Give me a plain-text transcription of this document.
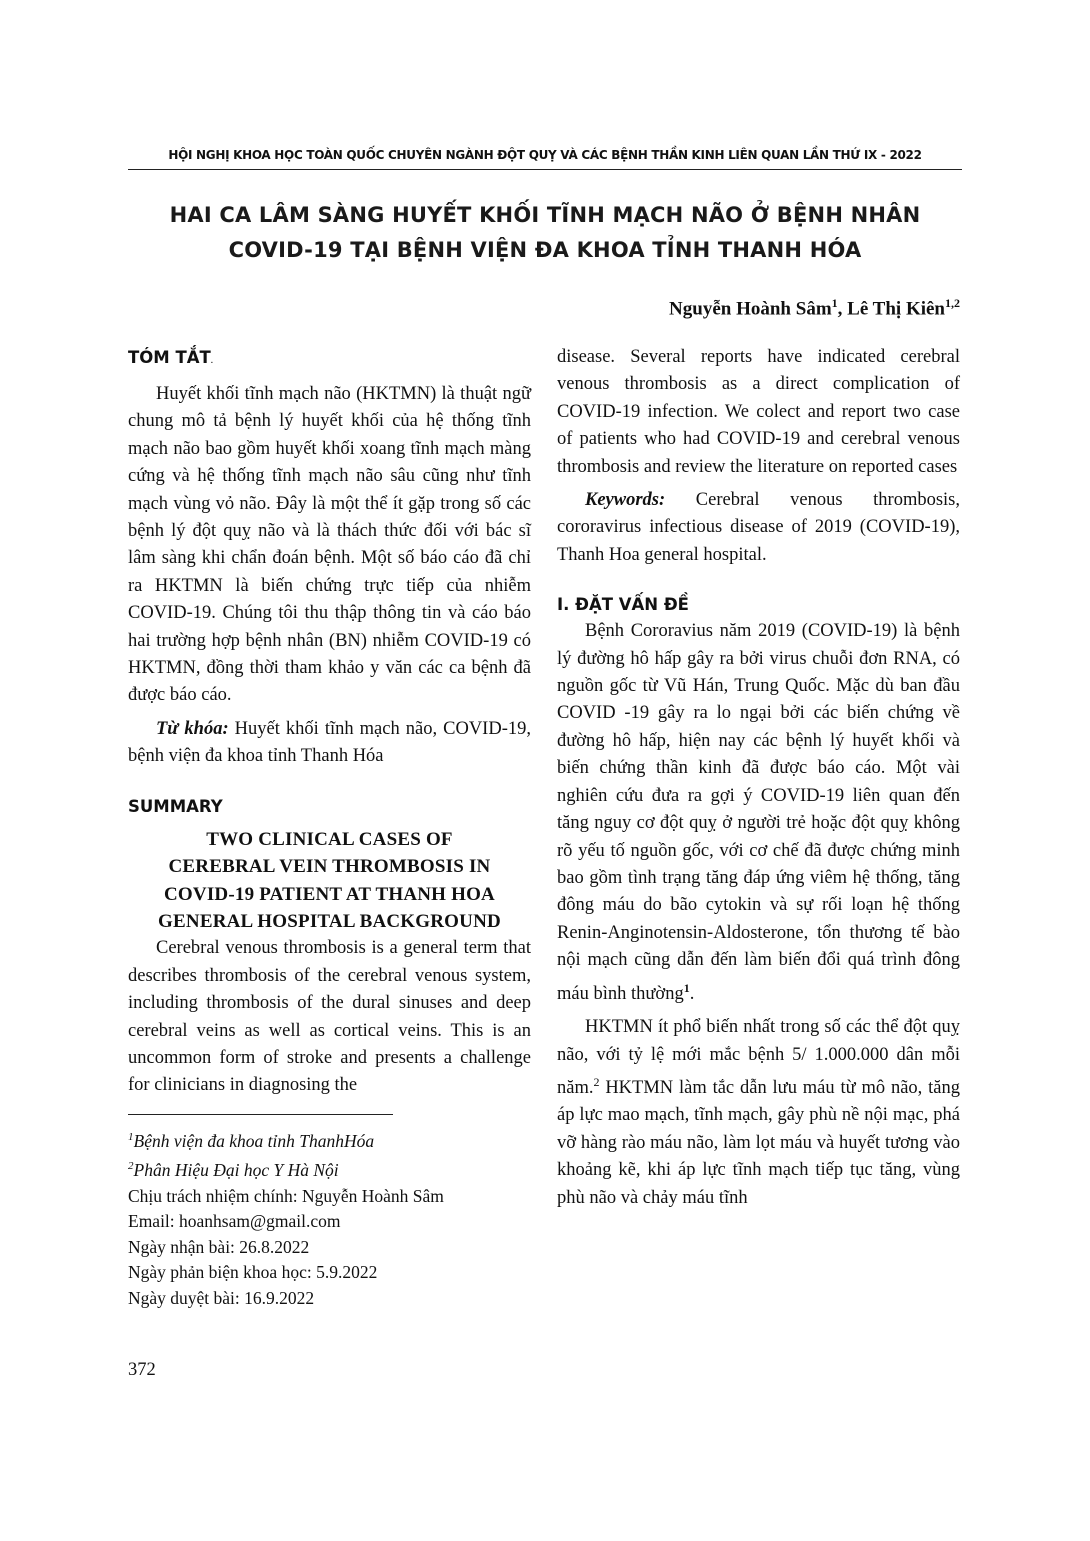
HỘI NGHỊ KHOA HỌC TOÀN QUỐC CHUYÊN NGÀNH ĐỘT QUỴ VÀ CÁC BỆNH THẦN KINH LIÊN QUAN LẦN THỨ IX - 2022
HAI CA LÂM SÀNG HUYẾT KHỐI TĨNH MẠCH NÃO Ở BỆNH NHÂN
COVID-19 TẠI BỆNH VIỆN ĐA KHOA TỈNH THANH HÓA
Nguyễn Hoành Sâm$^1$, Lê Thị Kiên$^{1,2}$
TÓM TẮT.

Huyết khối tĩnh mạch não (HKTMN) là thuật ngữ chung mô tả bệnh lý huyết khối của hệ thống tĩnh mạch não bao gồm huyết khối xoang tĩnh mạch màng cứng và hệ thống tĩnh mạch não sâu cũng như tĩnh mạch vùng vỏ não. Đây là một thể ít gặp trong số các bệnh lý đột quỵ não và là thách thức đối với bác sĩ lâm sàng khi chẩn đoán bệnh. Một số báo cáo đã chỉ ra HKTMN là biến chứng trực tiếp của nhiễm COVID-19. Chúng tôi thu thập thông tin và cáo báo hai trường hợp bệnh nhân (BN) nhiễm COVID-19 có HKTMN, đồng thời tham khảo y văn các ca bệnh đã được báo cáo.

Từ khóa: Huyết khối tĩnh mạch não, COVID-19, bệnh viện đa khoa tỉnh Thanh Hóa

SUMMARY

TWO CLINICAL CASES OF

CEREBRAL VEIN THROMBOSIS IN

COVID-19 PATIENT AT THANH HOA

GENERAL HOSPITAL BACKGROUND

Cerebral venous thrombosis is a general term that describes thrombosis of the cerebral venous system, including thrombosis of the dural sinuses and deep cerebral veins as well as cortical veins. This is an uncommon form of stroke and presents a challenge for clinicians in diagnosing the

$^1$Bệnh viện đa khoa tỉnh ThanhHóa
$^2$Phân Hiệu Đại học Y Hà Nội
Chịu trách nhiệm chính: Nguyễn Hoành Sâm
Email: hoanhsam@gmail.com
Ngày nhận bài: 26.8.2022
Ngày phản biện khoa học: 5.9.2022
Ngày duyệt bài: 16.9.2022

disease. Several reports have indicated cerebral venous thrombosis as a direct complication of COVID-19 infection. We colect and report two case of patients who had COVID-19 and cerebral venous thrombosis and review the literature on reported cases

Keywords: Cerebral venous thrombosis, cororavirus infectious disease of 2019 (COVID-19), Thanh Hoa general hospital.

I. ĐẶT VẤN ĐỀ

Bệnh Cororavius năm 2019 (COVID-19) là bệnh lý đường hô hấp gây ra bởi virus chuỗi đơn RNA, có nguồn gốc từ Vũ Hán, Trung Quốc. Mặc dù ban đầu COVID -19 gây ra lo ngại bởi các biến chứng về đường hô hấp, hiện nay các bệnh lý huyết khối và biến chứng thần kinh đã được báo cáo. Một vài nghiên cứu đưa ra gợi ý COVID-19 liên quan đến tăng nguy cơ đột quỵ ở người trẻ hoặc đột quỵ không rõ yếu tố nguồn gốc, với cơ chế đã được chứng minh bao gồm tình trạng tăng đáp ứng viêm hệ thống, tăng đông máu do bão cytokin và sự rối loạn hệ thống Renin-Anginotensin-Aldosterone, tổn thương tế bào nội mạch cũng dẫn đến làm biến đổi quá trình đông máu bình thường$^1$.

HKTMN ít phổ biến nhất trong số các thể đột quỵ não, với tỷ lệ mới mắc bệnh 5/ 1.000.000 dân mỗi năm.$^2$ HKTMN làm tắc dẫn lưu máu từ mô não, tăng áp lực mao mạch, tĩnh mạch, gây phù nề nội mạc, phá vỡ hàng rào máu não, làm lọt máu và huyết tương vào khoảng kẽ, khi áp lực tĩnh mạch tiếp tục tăng, vùng phù não và chảy máu tĩnh

372
